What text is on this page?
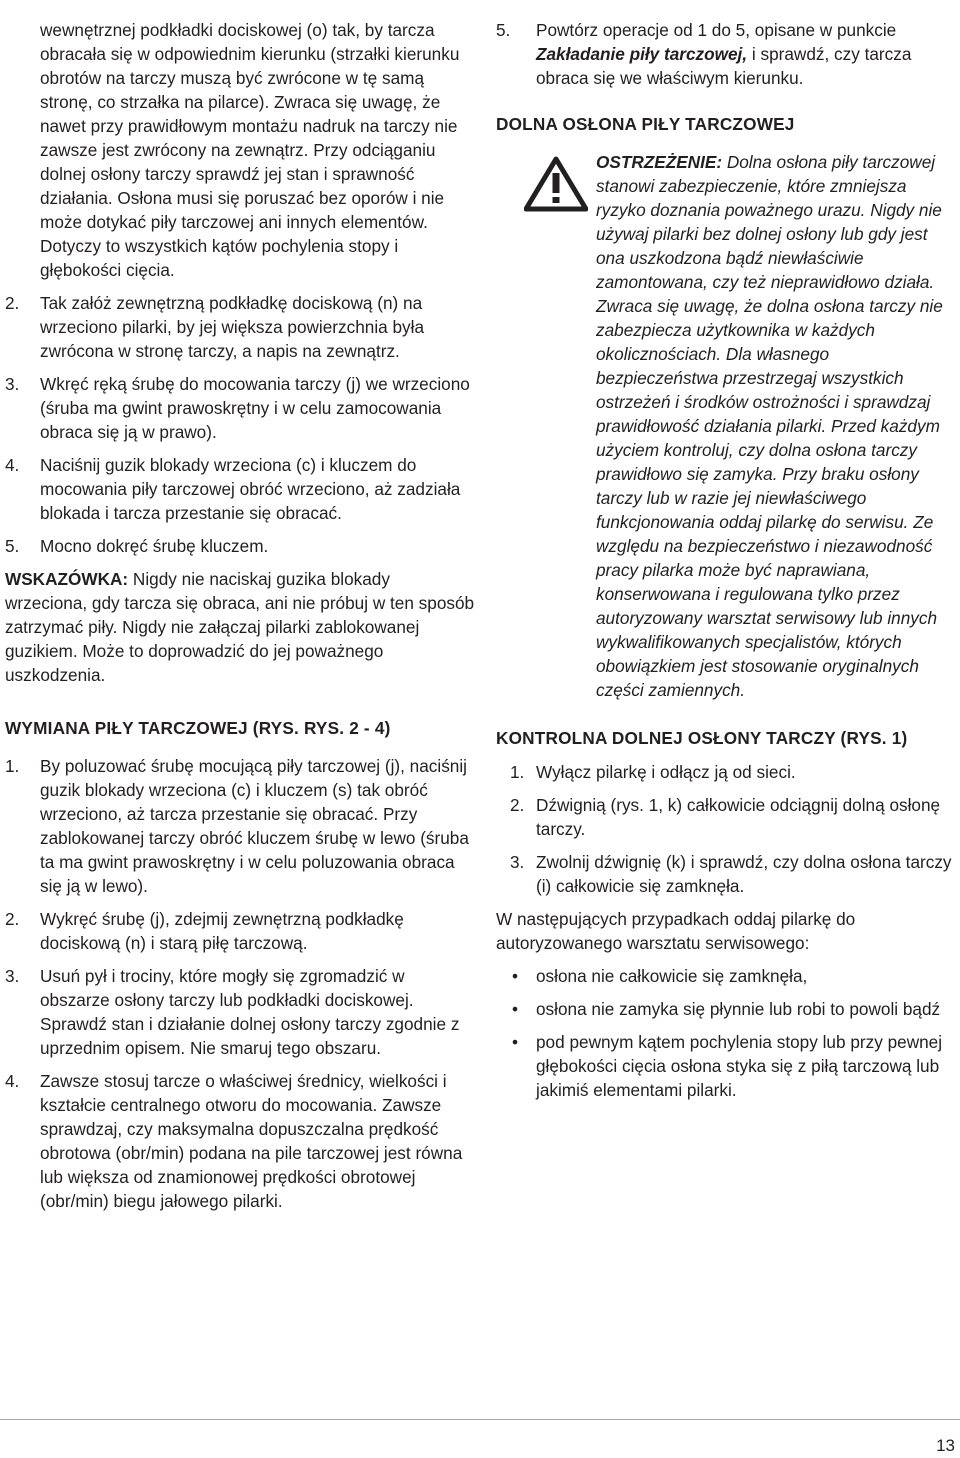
wewnętrznej podkładki dociskowej (o) tak, by tarcza obracała się w odpowiednim kierunku (strzałki kierunku obrotów na tarczy muszą być zwrócone w tę samą stronę, co strzałka na pilarce). Zwraca się uwagę, że nawet przy prawidłowym montażu nadruk na tarczy nie zawsze jest zwrócony na zewnątrz. Przy odciąganiu dolnej osłony tarczy sprawdź jej stan i sprawność działania. Osłona musi się poruszać bez oporów i nie może dotykać piły tarczowej ani innych elementów. Dotyczy to wszystkich kątów pochylenia stopy i głębokości cięcia.
2.	Tak załóż zewnętrzną podkładkę dociskową (n) na wrzeciono pilarki, by jej większa powierzchnia była zwrócona w stronę tarczy, a napis na zewnątrz.
3.	Wkręć ręką śrubę do mocowania tarczy (j) we wrzeciono (śruba ma gwint prawoskrętny i w celu zamocowania obraca się ją w prawo).
4.	Naciśnij guzik blokady wrzeciona (c) i kluczem do mocowania piły tarczowej obróć wrzeciono, aż zadziała blokada i tarcza przestanie się obracać.
5.	Mocno dokręć śrubę kluczem.
WSKAZÓWKA: Nigdy nie naciskaj guzika blokady wrzeciona, gdy tarcza się obraca, ani nie próbuj w ten sposób zatrzymać piły. Nigdy nie załączaj pilarki zablokowanej guzikiem. Może to doprowadzić do jej poważnego uszkodzenia.
WYMIANA PIŁY TARCZOWEJ (RYS. RYS. 2 - 4)
1.	By poluzować śrubę mocującą piły tarczowej (j), naciśnij guzik blokady wrzeciona (c) i kluczem (s) tak obróć wrzeciono, aż tarcza przestanie się obracać. Przy zablokowanej tarczy obróć kluczem śrubę w lewo (śruba ta ma gwint prawoskrętny i w celu poluzowania obraca się ją w lewo).
2.	Wykręć śrubę (j), zdejmij zewnętrzną podkładkę dociskową (n) i starą piłę tarczową.
3.	Usuń pył i trociny, które mogły się zgromadzić w obszarze osłony tarczy lub podkładki dociskowej. Sprawdź stan i działanie dolnej osłony tarczy zgodnie z uprzednim opisem. Nie smaruj tego obszaru.
4.	Zawsze stosuj tarcze o właściwej średnicy, wielkości i kształcie centralnego otworu do mocowania. Zawsze sprawdzaj, czy maksymalna dopuszczalna prędkość obrotowa (obr/min) podana na pile tarczowej jest równa lub większa od znamionowej prędkości obrotowej (obr/min) biegu jałowego pilarki.
5.	Powtórz operacje od 1 do 5, opisane w punkcie Zakładanie piły tarczowej, i sprawdź, czy tarcza obraca się we właściwym kierunku.
DOLNA OSŁONA PIŁY TARCZOWEJ
OSTRZEŻENIE: Dolna osłona piły tarczowej stanowi zabezpieczenie, które zmniejsza ryzyko doznania poważnego urazu. Nigdy nie używaj pilarki bez dolnej osłony lub gdy jest ona uszkodzona bądź niewłaściwie zamontowana, czy też nieprawidłowo działa. Zwraca się uwagę, że dolna osłona tarczy nie zabezpiecza użytkownika w każdych okolicznościach. Dla własnego bezpieczeństwa przestrzegaj wszystkich ostrzeżeń i środków ostrożności i sprawdzaj prawidłowość działania pilarki. Przed każdym użyciem kontroluj, czy dolna osłona tarczy prawidłowo się zamyka. Przy braku osłony tarczy lub w razie jej niewłaściwego funkcjonowania oddaj pilarkę do serwisu. Ze względu na bezpieczeństwo i niezawodność pracy pilarka może być naprawiana, konserwowana i regulowana tylko przez autoryzowany warsztat serwisowy lub innych wykwalifikowanych specjalistów, których obowiązkiem jest stosowanie oryginalnych części zamiennych.
KONTROLNA DOLNEJ OSŁONY TARCZY (RYS. 1)
1. Wyłącz pilarkę i odłącz ją od sieci.
2. Dźwignią (rys. 1, k) całkowicie odciągnij dolną osłonę tarczy.
3. Zwolnij dźwignię (k) i sprawdź, czy dolna osłona tarczy (i) całkowicie się zamknęła.
W następujących przypadkach oddaj pilarkę do autoryzowanego warsztatu serwisowego:
•	osłona nie całkowicie się zamknęła,
•	osłona nie zamyka się płynnie lub robi to powoli bądź
•	pod pewnym kątem pochylenia stopy lub przy pewnej głębokości cięcia osłona styka się z piłą tarczową lub jakimiś elementami pilarki.
13
